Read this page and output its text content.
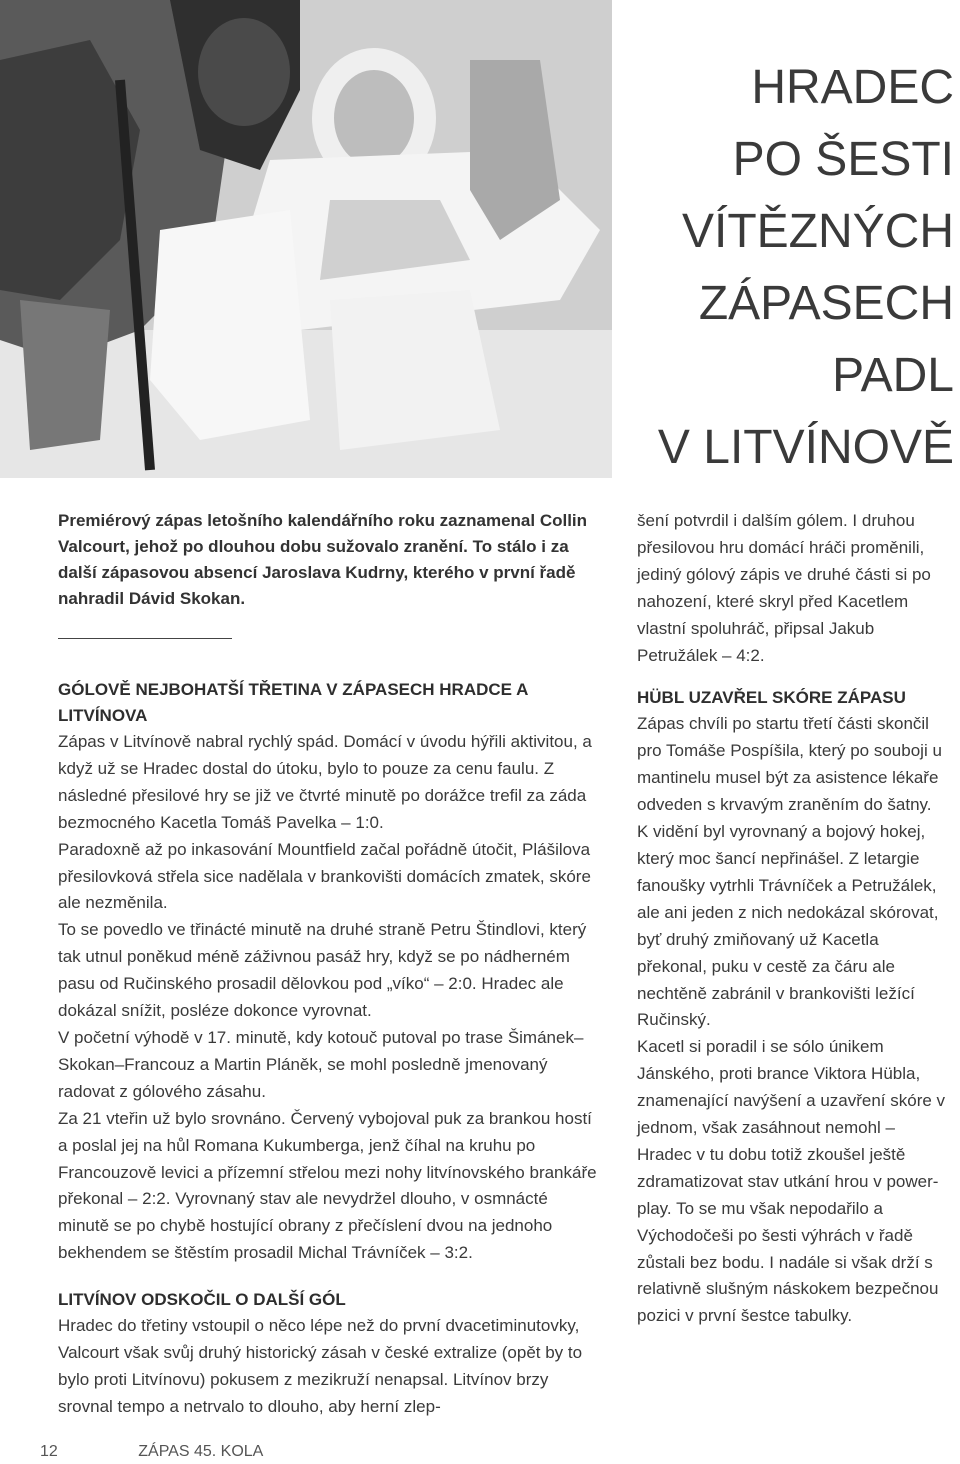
HRADEC
PO ŠESTI
VÍTĚZNÝCH
ZÁPASECH
PADL
V LITVÍNOVĚ

Premiérový zápas letošního kalendářního roku zaznamenal Collin Valcourt, jehož po dlouhou dobu sužovalo zranění. To stálo i za další zápasovou absencí Jaroslava Kudrny, kterého v první řadě nahradil Dávid Skokan.

GÓLOVĚ NEJBOHATŠÍ TŘETINA V ZÁPASECH HRADCE A LITVÍNOVA

Zápas v Litvínově nabral rychlý spád. Domácí v úvodu hýřili aktivitou, a když už se Hradec dostal do útoku, bylo to pouze za cenu faulu. Z následné přesilové hry se již ve čtvrté minutě po dorážce trefil za záda bezmocného Kacetla Tomáš Pavelka – 1:0.

Paradoxně až po inkasování Mountfield začal pořádně útočit, Plášilova přesilovková střela sice nadělala v brankovišti domácích zmatek, skóre ale nezměnila.

To se povedlo ve třinácté minutě na druhé straně Petru Štindlovi, který tak utnul poněkud méně záživnou pasáž hry, když se po nádherném pasu od Ručinského prosadil dělovkou pod „víko“ – 2:0. Hradec ale dokázal snížit, posléze dokonce vyrovnat.

V početní výhodě v 17. minutě, kdy kotouč putoval po trase Šimánek–Skokan–Francouz a Martin Pláněk, se mohl posledně jmenovaný radovat z gólového zásahu.

Za 21 vteřin už bylo srovnáno. Červený vybojoval puk za brankou hostí a poslal jej na hůl Romana Kukumberga, jenž číhal na kruhu po Francouzově levici a přízemní střelou mezi nohy litvínovského brankáře překonal – 2:2. Vyrovnaný stav ale nevydržel dlouho, v osmnácté minutě se po chybě hostující obrany z přečíslení dvou na jednoho bekhendem se štěstím prosadil Michal Trávníček – 3:2.

LITVÍNOV ODSKOČIL O DALŠÍ GÓL

Hradec do třetiny vstoupil o něco lépe než do první dvacetiminutovky, Valcourt však svůj druhý historický zásah v české extralize (opět by to bylo proti Litvínovu) pokusem z mezikruží nenapsal. Litvínov brzy srovnal tempo a netrvalo to dlouho, aby herní zlep-

šení potvrdil i dalším gólem. I druhou přesilovou hru domácí hráči proměnili, jediný gólový zápis ve druhé části si po nahození, které skryl před Kacetlem vlastní spoluhráč, připsal Jakub Petružálek – 4:2.

HÜBL UZAVŘEL SKÓRE ZÁPASU

Zápas chvíli po startu třetí části skončil pro Tomáše Pospíšila, který po souboji u mantinelu musel být za asistence lékaře odveden s krvavým zraněním do šatny.

K vidění byl vyrovnaný a bojový hokej, který moc šancí nepřinášel. Z letargie fanoušky vytrhli Trávníček a Petružálek, ale ani jeden z nich nedokázal skórovat, byť druhý zmiňovaný už Kacetla překonal, puku v cestě za čáru ale nechtěně zabránil v brankovišti ležící Ručinský.

Kacetl si poradil i se sólo únikem Jánského, proti brance Viktora Hübla, znamenající navýšení a uzavření skóre v jednom, však zasáhnout nemohl – Hradec v tu dobu totiž zkoušel ještě zdramatizovat stav utkání hrou v power-play. To se mu však nepodařilo a Východočeši po šesti výhrách v řadě zůstali bez bodu. I nadále si však drží s relativně slušným náskokem bezpečnou pozici v první šestce tabulky.

12	ZÁPAS 45. KOLA
